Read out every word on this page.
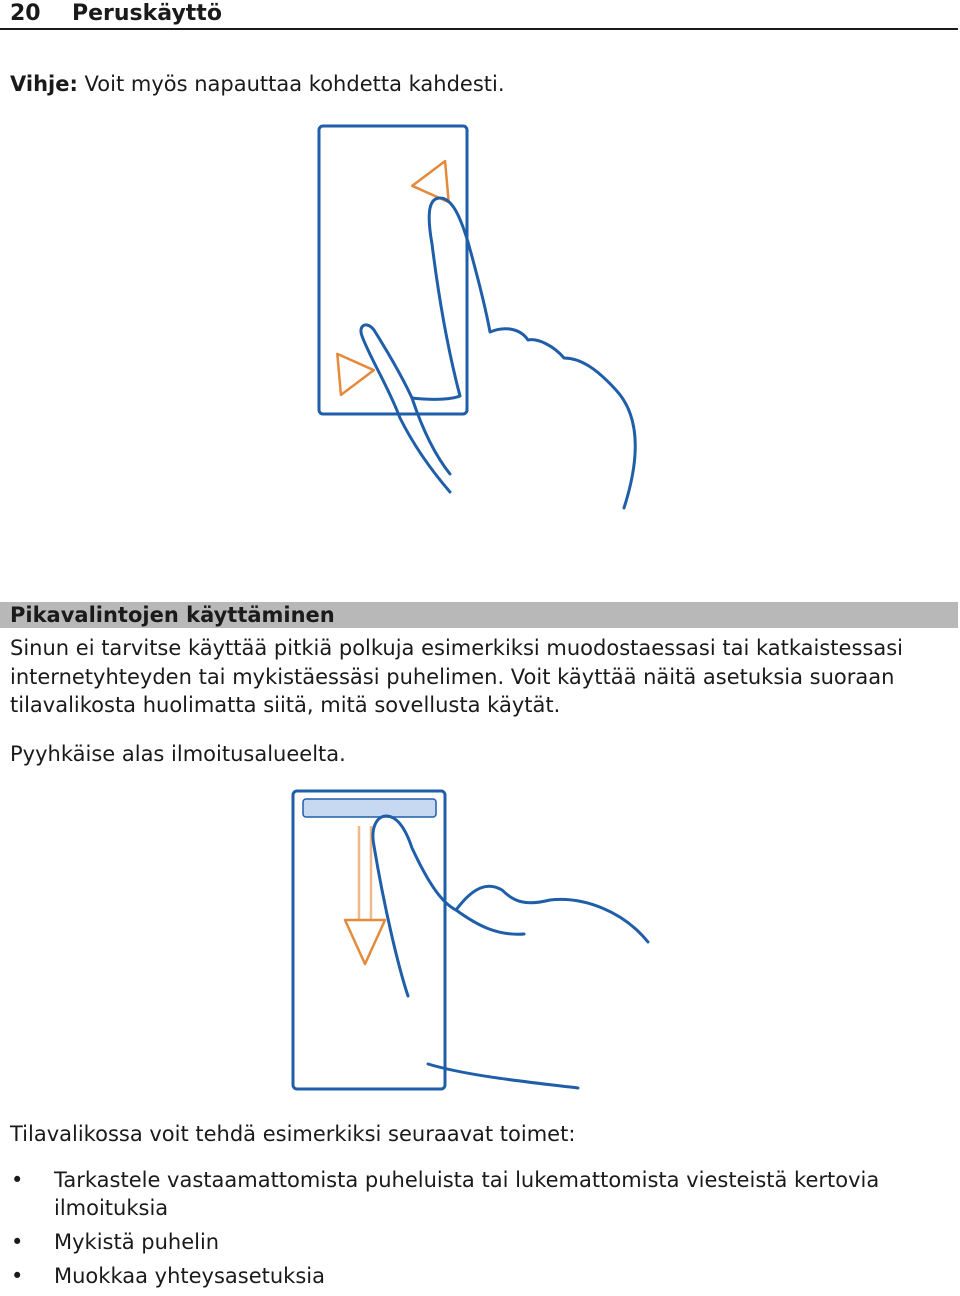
20 Peruskäyttö
Vihje: Voit myös napauttaa kohdetta kahdesti.
Pikavalintojen käyttäminen
Sinun ei tarvitse käyttää pitkiä polkuja esimerkiksi muodostaessasi tai katkaistessasi internetyhteyden tai mykistäessäsi puhelimen. Voit käyttää näitä asetuksia suoraan tilavalikosta huolimatta siitä, mitä sovellusta käytät.
Pyyhkäise alas ilmoitusalueelta.
Tilavalikossa voit tehdä esimerkiksi seuraavat toimet:
• Tarkastele vastaamattomista puheluista tai lukemattomista viesteistä kertovia ilmoituksia
• Mykistä puhelin
• Muokkaa yhteysasetuksia
